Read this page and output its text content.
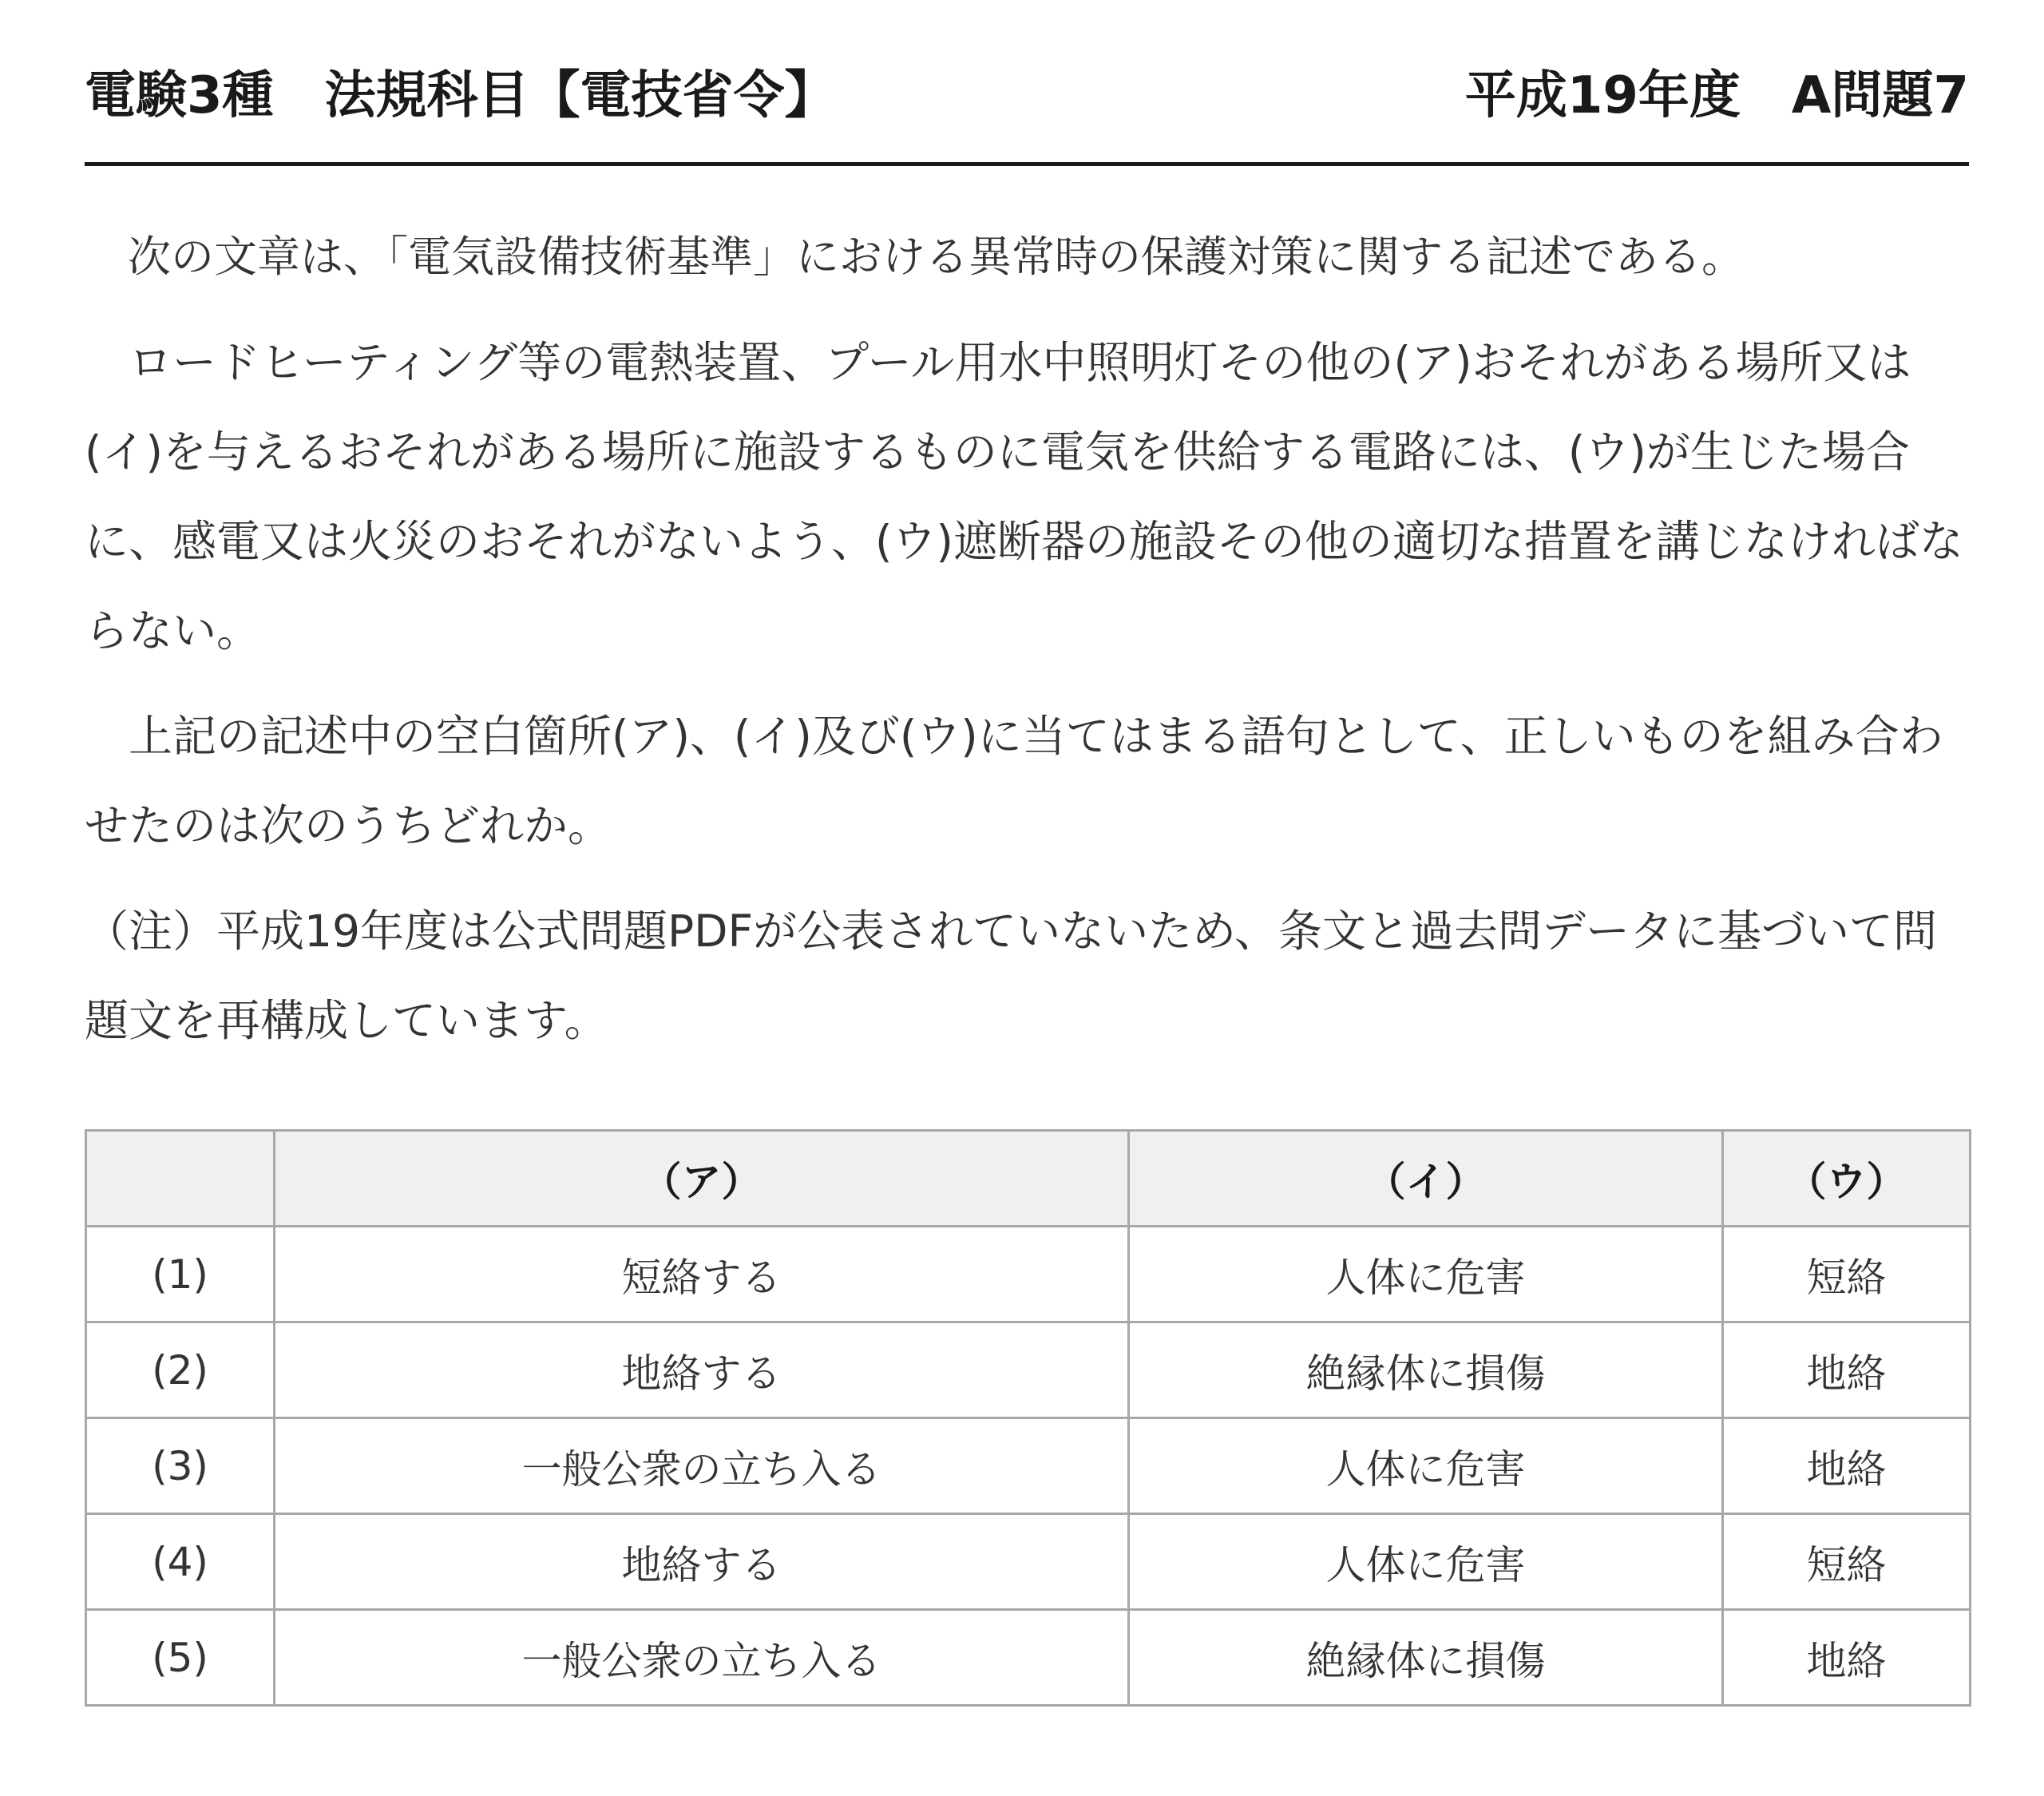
電験3種　法規科目【電技省令】	平成19年度　A問題7

次の文章は、「電気設備技術基準」における異常時の保護対策に関する記述である。

ロードヒーティング等の電熱装置、プール用水中照明灯その他の(ア)おそれがある場所又は(イ)を与えるおそれがある場所に施設するものに電気を供給する電路には、(ウ)が生じた場合に、感電又は火災のおそれがないよう、(ウ)遮断器の施設その他の適切な措置を講じなければならない。

上記の記述中の空白箇所(ア)、(イ)及び(ウ)に当てはまる語句として、正しいものを組み合わせたのは次のうちどれか。

（注）平成19年度は公式問題PDFが公表されていないため、条文と過去問データに基づいて問題文を再構成しています。

	（ア）	（イ）	（ウ）
(1)	短絡する	人体に危害	短絡
(2)	地絡する	絶縁体に損傷	地絡
(3)	一般公衆の立ち入る	人体に危害	地絡
(4)	地絡する	人体に危害	短絡
(5)	一般公衆の立ち入る	絶縁体に損傷	地絡
